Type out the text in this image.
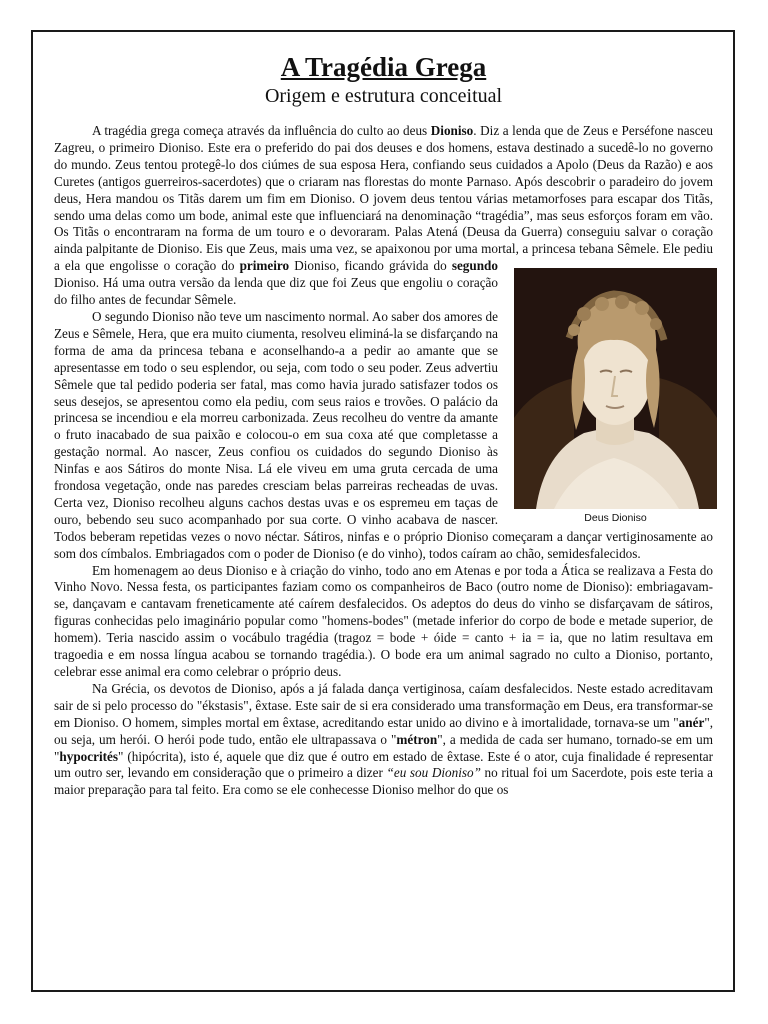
A Tragédia Grega
Origem e estrutura conceitual

A tragédia grega começa através da influência do culto ao deus Dioniso. Diz a lenda que de Zeus e Perséfone nasceu Zagreu, o primeiro Dioniso. Este era o preferido do pai dos deuses e dos homens, estava destinado a sucedê-lo no governo do mundo. Zeus tentou protegê-lo dos ciúmes de sua esposa Hera, confiando seus cuidados a Apolo (Deus da Razão) e aos Curetes (antigos guerreiros-sacerdotes) que o criaram nas florestas do monte Parnaso. Após descobrir o paradeiro do jovem deus, Hera mandou os Titãs darem um fim em Dioniso. O jovem deus tentou várias metamorfoses para escapar dos Titãs, sendo uma delas como um bode, animal este que influenciará na denominação “tragédia”, mas seus esforços foram em vão. Os Titãs o encontraram na forma de um touro e o devoraram. Palas Atená (Deusa da Guerra) conseguiu salvar o coração ainda palpitante de Dioniso. Eis que Zeus, mais uma vez, se apaixonou por uma mortal, a princesa tebana Sêmele. Ele pediu a ela que engolisse o coração do
Deus Dioniso
primeiro Dioniso, ficando grávida do segundo Dioniso. Há uma outra versão da lenda que diz que foi Zeus que engoliu o coração do filho antes de fecundar Sêmele.

O segundo Dioniso não teve um nascimento normal. Ao saber dos amores de Zeus e Sêmele, Hera, que era muito ciumenta, resolveu eliminá-la se disfarçando na forma de ama da princesa tebana e aconselhando-a a pedir ao amante que se apresentasse em todo o seu esplendor, ou seja, com todo o seu poder. Zeus advertiu Sêmele que tal pedido poderia ser fatal, mas como havia jurado satisfazer todos os seus desejos, se apresentou como ela pediu, com seus raios e trovões. O palácio da princesa se incendiou e ela morreu carbonizada. Zeus recolheu do ventre da amante o fruto inacabado de sua paixão e colocou-o em sua coxa até que completasse a gestação normal. Ao nascer, Zeus confiou os cuidados do segundo Dioniso às Ninfas e aos Sátiros do monte Nisa. Lá ele viveu em uma gruta cercada de uma frondosa vegetação, onde nas paredes cresciam belas parreiras recheadas de uvas. Certa vez, Dioniso recolheu alguns cachos destas uvas e os espremeu em taças de ouro, bebendo seu suco acompanhado por sua corte. O vinho acabava de nascer. Todos beberam repetidas vezes o novo néctar. Sátiros, ninfas e o próprio Dioniso começaram a dançar vertiginosamente ao som dos címbalos. Embriagados com o poder de Dioniso (e do vinho), todos caíram ao chão, semidesfalecidos.

Em homenagem ao deus Dioniso e à criação do vinho, todo ano em Atenas e por toda a Ática se realizava a Festa do Vinho Novo. Nessa festa, os participantes faziam como os companheiros de Baco (outro nome de Dioniso): embriagavam-se, dançavam e cantavam freneticamente até caírem desfalecidos. Os adeptos do deus do vinho se disfarçavam de sátiros, figuras conhecidas pelo imaginário popular como "homens-bodes" (metade inferior do corpo de bode e metade superior, de homem). Teria nascido assim o vocábulo tragédia (tragoz = bode + óide = canto + ia = ia, que no latim resultava em tragoedia e em nossa língua acabou se tornando tragédia.). O bode era um animal sagrado no culto a Dioniso, portanto, celebrar esse animal era como celebrar o próprio deus.

Na Grécia, os devotos de Dioniso, após a já falada dança vertiginosa, caíam desfalecidos. Neste estado acreditavam sair de si pelo processo do "ékstasis", êxtase. Este sair de si era considerado uma transformação em Deus, era transformar-se em Dioniso. O homem, simples mortal em êxtase, acreditando estar unido ao divino e à imortalidade, tornava-se um "anér", ou seja, um herói. O herói pode tudo, então ele ultrapassava o "métron", a medida de cada ser humano, tornado-se em um "hypocrités" (hipócrita), isto é, aquele que diz que é outro em estado de êxtase. Este é o ator, cuja finalidade é representar um outro ser, levando em consideração que o primeiro a dizer “eu sou Dioniso” no ritual foi um Sacerdote, pois este teria a maior preparação para tal feito. Era como se ele conhecesse Dioniso melhor do que os
